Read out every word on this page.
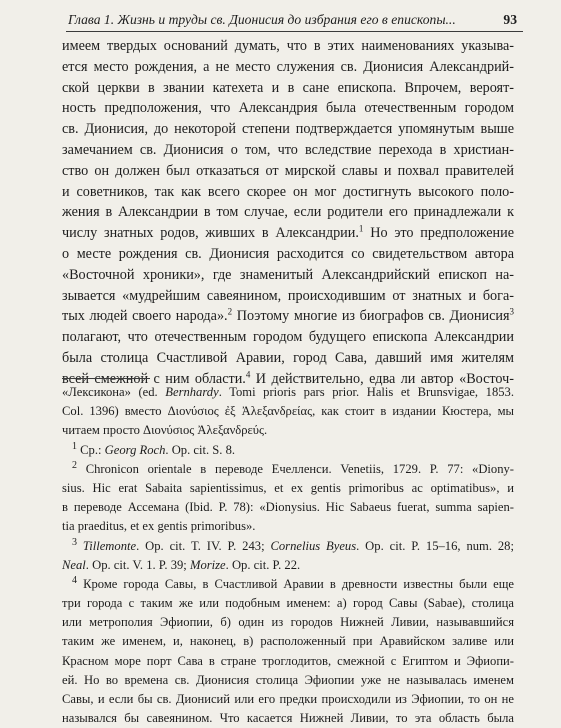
Глава 1. Жизнь и труды св. Дионисия до избрания его в епископы...	93
имеем твердых оснований думать, что в этих наименованиях указыва-
ется место рождения, а не место служения св. Дионисия Александрий-
ской церкви в звании катехета и в сане епископа. Впрочем, вероят-
ность предположения, что Александрия была отечественным городом
св. Дионисия, до некоторой степени подтверждается упомянутым выше
замечанием св. Дионисия о том, что вследствие перехода в христиан-
ство он должен был отказаться от мирской славы и похвал правителей
и советников, так как всего скорее он мог достигнуть высокого поло-
жения в Александрии в том случае, если родители его принадлежали к
числу знатных родов, живших в Александрии.$^1$ Но это предположение
о месте рождения св. Дионисия расходится со свидетельством автора
«Восточной хроники», где знаменитый Александрийский епископ на-
зывается «мудрейшим савеянином, происходившим от знатных и бога-
тых людей своего народа».$^2$ Поэтому многие из биографов св. Дионисия$^3$
полагают, что отечественным городом будущего епископа Александрии
была столица Счастливой Аравии, город Сава, давший имя жителям
всей смежной с ним области.$^4$ И действительно, едва ли автор «Восточ-
«Лексикона» (ed. Bernhardy. Tomi prioris pars prior. Halis et Brunsvigae, 1853.
Col. 1396) вместо Διονύσιος ἐξ Ἀλεξανδρείας, как стоит в издании Кюстера, мы
читаем просто Διονύσιος Ἀλεξανδρεύς.
$^1$ Ср.: Georg Roch. Op. cit. S. 8.
$^2$ Chronicon orientale в переводе Ечелленси. Venetiis, 1729. P. 77: «Diony-
sius. Hic erat Sabaita sapientissimus, et ex gentis primoribus ac optimatibus», и
в переводе Ассемана (Ibid. P. 78): «Dionysius. Hic Sabaeus fuerat, summa sapien-
tia praeditus, et ex gentis primoribus».
$^3$ Tillemonte. Op. cit. T. IV. P. 243; Cornelius Byeus. Op. cit. P. 15–16, num. 28;
Neal. Op. cit. V. 1. P. 39; Morize. Op. cit. P. 22.
$^4$ Кроме города Савы, в Счастливой Аравии в древности известны были еще
три города с таким же или подобным именем: а) город Савы (Sabae), столица
или метрополия Эфиопии, б) один из городов Нижней Ливии, называвшийся
таким же именем, и, наконец, в) расположенный при Аравийском заливе или
Красном море порт Сава в стране троглодитов, смежной с Египтом и Эфиопи-
ей. Но во времена св. Дионисия столица Эфиопии уже не называлась именем
Савы, и если бы св. Дионисий или его предки происходили из Эфиопии, то он не
назывался бы савеянином. Что касается Нижней Ливии, то эта область была
